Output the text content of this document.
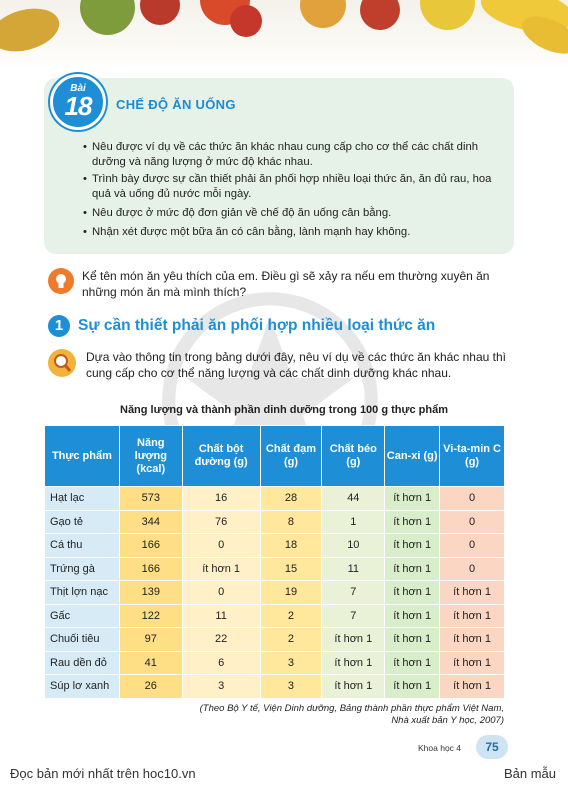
Bài
18	CHẾ ĐỘ ĂN UỐNG
• Nêu được ví dụ về các thức ăn khác nhau cung cấp cho cơ thể các chất dinh dưỡng và năng lượng ở mức độ khác nhau.
• Trình bày được sự cần thiết phải ăn phối hợp nhiều loại thức ăn, ăn đủ rau, hoa quả và uống đủ nước mỗi ngày.
• Nêu được ở mức độ đơn giản về chế độ ăn uống cân bằng.
• Nhận xét được một bữa ăn có cân bằng, lành mạnh hay không.
Kể tên món ăn yêu thích của em. Điều gì sẽ xảy ra nếu em thường xuyên ăn những món ăn mà mình thích?
1 Sự cần thiết phải ăn phối hợp nhiều loại thức ăn
Dựa vào thông tin trong bảng dưới đây, nêu ví dụ về các thức ăn khác nhau thì cung cấp cho cơ thể năng lượng và các chất dinh dưỡng khác nhau.
Năng lượng và thành phần dinh dưỡng trong 100 g thực phẩm
Thực phẩm	Năng lượng (kcal)	Chất bột đường (g)	Chất đạm (g)	Chất béo (g)	Can-xi (g)	Vi-ta-min C (g)
Hạt lạc	573	16	28	44	ít hơn 1	0
Gạo tẻ	344	76	8	1	ít hơn 1	0
Cá thu	166	0	18	10	ít hơn 1	0
Trứng gà	166	ít hơn 1	15	11	ít hơn 1	0
Thịt lợn nạc	139	0	19	7	ít hơn 1	ít hơn 1
Gấc	122	11	2	7	ít hơn 1	ít hơn 1
Chuối tiêu	97	22	2	ít hơn 1	ít hơn 1	ít hơn 1
Rau dền đỏ	41	6	3	ít hơn 1	ít hơn 1	ít hơn 1
Súp lơ xanh	26	3	3	ít hơn 1	ít hơn 1	ít hơn 1
(Theo Bộ Y tế, Viện Dinh dưỡng, Bảng thành phần thực phẩm Việt Nam,
Nhà xuất bản Y học, 2007)
Khoa học 4	75
Đọc bản mới nhất trên hoc10.vn	Bản mẫu
